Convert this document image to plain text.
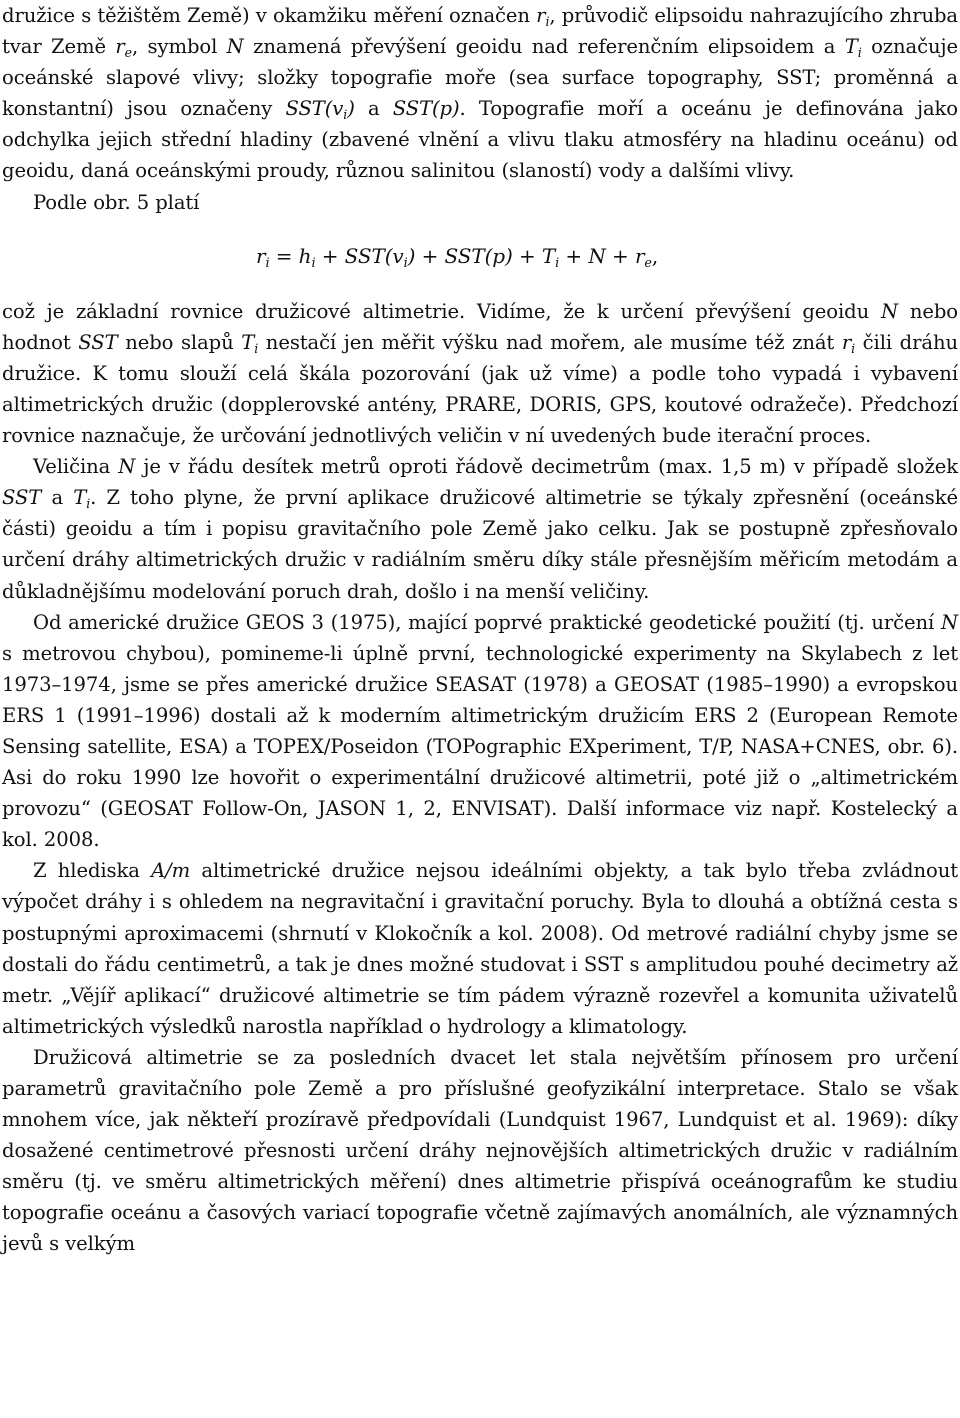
družice s těžištěm Země) v okamžiku měření označen $r_i$, průvodič elipsoidu nahrazujícího zhruba tvar Země $r_e$, symbol N znamená převýšení geoidu nad referenčním elipsoidem a $T_i$ označuje oceánské slapové vlivy; složky topografie moře (sea surface topography, SST; proměnná a konstantní) jsou označeny $SST(v_i)$ a SST(p). Topografie moří a oceánu je definována jako odchylka jejich střední hladiny (zbavené vlnění a vlivu tlaku atmosféry na hladinu oceánu) od geoidu, daná oceánskými proudy, různou salinitou (slaností) vody a dalšími vlivy.

Podle obr. 5 platí

$r_i = h_i + SST(v_i) + SST(p) + T_i + N + r_e$,

což je základní rovnice družicové altimetrie. Vidíme, že k určení převýšení geoidu N nebo hodnot SST nebo slapů $T_i$ nestačí jen měřit výšku nad mořem, ale musíme též znát $r_i$ čili dráhu družice. K tomu slouží celá škála pozorování (jak už víme) a podle toho vypadá i vybavení altimetrických družic (dopplerovské antény, PRARE, DORIS, GPS, koutové odražeče). Předchozí rovnice naznačuje, že určování jednotlivých veličin v ní uvedených bude iterační proces.

Veličina N je v řádu desítek metrů oproti řádově decimetrům (max. 1,5 m) v případě složek SST a $T_i$. Z toho plyne, že první aplikace družicové altimetrie se týkaly zpřesnění (oceánské části) geoidu a tím i popisu gravitačního pole Země jako celku. Jak se postupně zpřesňovalo určení dráhy altimetrických družic v radiálním směru díky stále přesnějším měřicím metodám a důkladnějšímu modelování poruch drah, došlo i na menší veličiny.

Od americké družice GEOS 3 (1975), mající poprvé praktické geodetické použití (tj. určení N s metrovou chybou), pomineme-li úplně první, technologické experimenty na Skylabech z let 1973–1974, jsme se přes americké družice SEASAT (1978) a GEOSAT (1985–1990) a evropskou ERS 1 (1991–1996) dostali až k moderním altimetrickým družicím ERS 2 (European Remote Sensing satellite, ESA) a TOPEX/Poseidon (TOPographic EXperiment, T/P, NASA+CNES, obr. 6). Asi do roku 1990 lze hovořit o experimentální družicové altimetrii, poté již o „altimetrickém provozu“ (GEOSAT Follow-On, JASON 1, 2, ENVISAT). Další informace viz např. Kostelecký a kol. 2008.

Z hlediska A/m altimetrické družice nejsou ideálními objekty, a tak bylo třeba zvládnout výpočet dráhy i s ohledem na negravitační i gravitační poruchy. Byla to dlouhá a obtížná cesta s postupnými aproximacemi (shrnutí v Klokočník a kol. 2008). Od metrové radiální chyby jsme se dostali do řádu centimetrů, a tak je dnes možné studovat i SST s amplitudou pouhé decimetry až metr. „Vějíř aplikací“ družicové altimetrie se tím pádem výrazně rozevřel a komunita uživatelů altimetrických výsledků narostla například o hydrology a klimatology.

Družicová altimetrie se za posledních dvacet let stala největším přínosem pro určení parametrů gravitačního pole Země a pro příslušné geofyzikální interpretace. Stalo se však mnohem více, jak někteří prozíravě předpovídali (Lundquist 1967, Lundquist et al. 1969): díky dosažené centimetrové přesnosti určení dráhy nejnovějších altimetrických družic v radiálním směru (tj. ve směru altimetrických měření) dnes altimetrie přispívá oceánografům ke studiu topografie oceánu a časových variací topografie včetně zajímavých anomálních, ale významných jevů s velkým
